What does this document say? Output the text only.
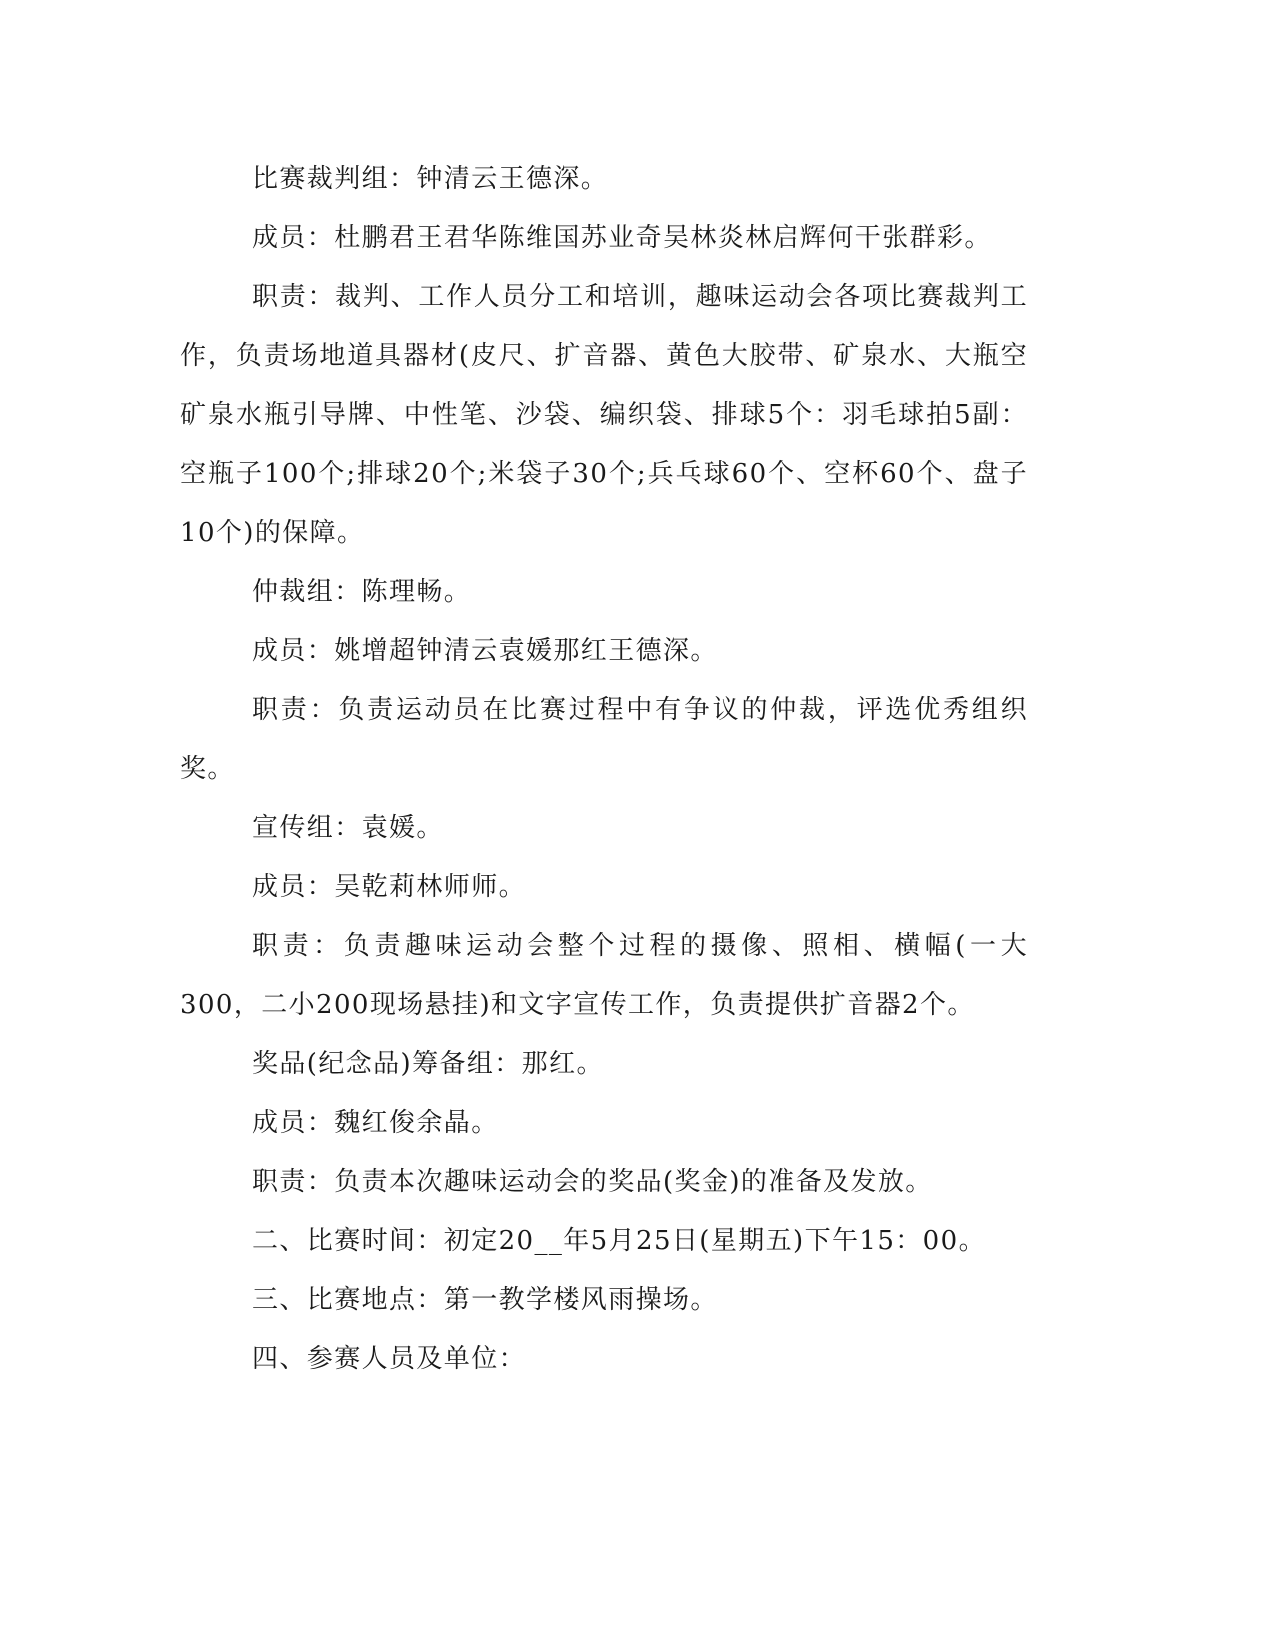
比赛裁判组：钟清云王德深。

成员：杜鹏君王君华陈维国苏业奇吴林炎林启辉何干张群彩。

职责：裁判、工作人员分工和培训，趣味运动会各项比赛裁判工作，负责场地道具器材(皮尺、扩音器、黄色大胶带、矿泉水、大瓶空矿泉水瓶引导牌、中性笔、沙袋、编织袋、排球5个：羽毛球拍5副：空瓶子100个;排球20个;米袋子30个;兵乓球60个、空杯60个、盘子10个)的保障。

仲裁组：陈理畅。

成员：姚增超钟清云袁媛那红王德深。

职责：负责运动员在比赛过程中有争议的仲裁，评选优秀组织奖。

宣传组：袁媛。

成员：吴乾莉林师师。

职责：负责趣味运动会整个过程的摄像、照相、横幅(一大300，二小200现场悬挂)和文字宣传工作，负责提供扩音器2个。

奖品(纪念品)筹备组：那红。

成员：魏红俊余晶。

职责：负责本次趣味运动会的奖品(奖金)的准备及发放。

二、比赛时间：初定20__年5月25日(星期五)下午15：00。

三、比赛地点：第一教学楼风雨操场。

四、参赛人员及单位：
